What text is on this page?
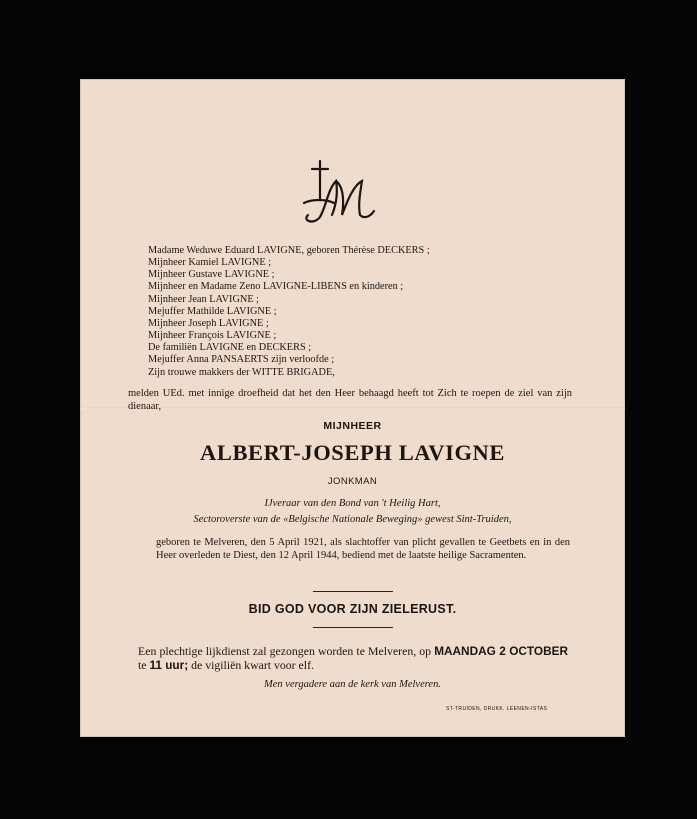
M
Madame Weduwe Eduard LAVIGNE, geboren Thérèse DECKERS ;
Mijnheer Kamiel LAVIGNE ;
Mijnheer Gustave LAVIGNE ;
Mijnheer en Madame Zeno LAVIGNE-LIBENS en kinderen ;
Mijnheer Jean LAVIGNE ;
Mejuffer Mathilde LAVIGNE ;
Mijnheer Joseph LAVIGNE ;
Mijnheer François LAVIGNE ;
De familiën LAVIGNE en DECKERS ;
Mejuffer Anna PANSAERTS zijn verloofde ;
Zijn trouwe makkers der WITTE BRIGADE,
melden UEd. met innige droefheid dat het den Heer behaagd heeft tot Zich te roepen de ziel van zijn dienaar,
MIJNHEER
ALBERT-JOSEPH LAVIGNE
JONKMAN
IJveraar van den Bond van 't Heilig Hart,
Sectoroverste van de «Belgische Nationale Beweging» gewest Sint-Truiden,
geboren te Melveren, den 5 April 1921, als slachtoffer van plicht gevallen te Geetbets en in den Heer overleden te Diest, den 12 April 1944, bediend met de laatste heilige Sacramenten.
BID GOD VOOR ZIJN ZIELERUST.
Een plechtige lijkdienst zal gezongen worden te Melveren, op MAANDAG 2 OCTOBER te 11 uur; de vigiliën kwart voor elf.
Men vergadere aan de kerk van Melveren.
ST-TRUIDEN, DRUKK. LEENEN-ISTAS
